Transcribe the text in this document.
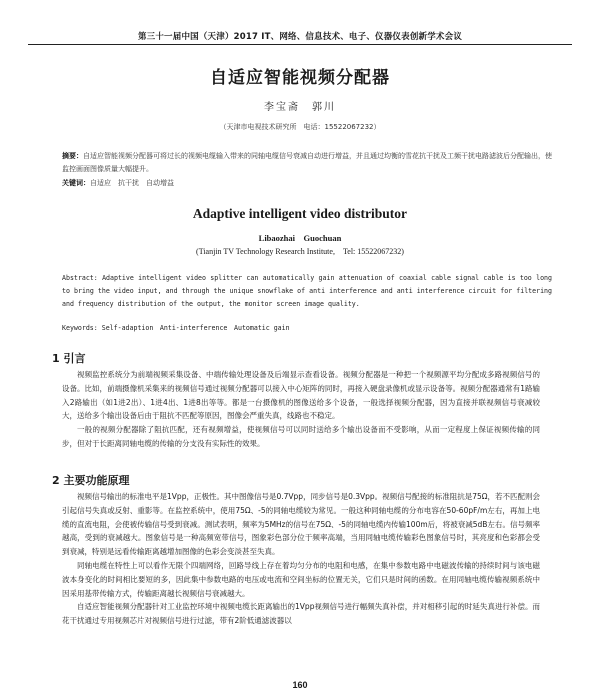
第三十一届中国（天津）2017 IT、网络、信息技术、电子、仪器仪表创新学术会议
自适应智能视频分配器
李宝斋　郭川
（天津市电视技术研究所　电话：15522067232）
摘要：自适应智能视频分配器可将过长的视频电缆输入带来的同轴电缆信号衰减自动进行增益，并且通过均衡的雪花抗干扰及工频干扰电路滤波后分配输出，使监控画面图像质量大幅提升。
关键词：自适应　抗干扰　自动增益
Adaptive intelligent video distributor
Libaozhai　Guochuan
(Tianjin TV Technology Research Institute,　Tel: 15522067232)
Abstract: Adaptive intelligent video splitter can automatically gain attenuation of coaxial cable signal cable is too long to bring the video input, and through the unique snowflake of anti interference and anti interference circuit for filtering and frequency distribution of the output, the monitor screen image quality.
Keywords: Self-adaption　Anti-interference　Automatic gain
1 引言

视频监控系统分为前端视频采集设备、中端传输处理设备及后端显示查看设备。视频分配器是一种把一个视频源平均分配成多路视频信号的设备。比如，前端摄像机采集来的视频信号通过视频分配器可以接入中心矩阵的同时，再接入硬盘录像机或显示设备等。视频分配器通常有1路输入2路输出（如1进2出）、1进4出、1进8出等等。都是一台摄像机的图像送给多个设备，一般选择视频分配器，因为直接并联视频信号衰减较大，送给多个输出设备后由于阻抗不匹配等原因，图像会严重失真，线路也不稳定。

一般的视频分配器除了阻抗匹配，还有视频增益，使视频信号可以同时送给多个输出设备而不受影响，从而一定程度上保证视频传输的同步，但对于长距离同轴电缆的传输的分支没有实际性的效果。

2 主要功能原理

视频信号输出的标准电平是1Vpp，正极性。其中图像信号是0.7Vpp，同步信号是0.3Vpp。视频信号配接的标准阻抗是75Ω，若不匹配则会引起信号失真或反射、重影等。在监控系统中，使用75Ω、-5的同轴电缆较为常见。一般这种同轴电缆的分布电容在50-60pF/m左右，再加上电缆的直流电阻，会使被传输信号受到衰减。测试表明，频率为5MHz的信号在75Ω、-5的同轴电缆内传输100m后，将被衰减5dB左右。信号频率越高，受到的衰减越大。图象信号是一种高频宽带信号，图象彩色部分位于频率高端，当用同轴电缆传输彩色图象信号时，其亮度和色彩都会受到衰减，特别是远看传输距离越增加图像的色彩会变淡甚至失真。

同轴电缆在特性上可以看作无限个四端网络，回路导线上存在着均匀分布的电阻和电感，在集中参数电路中电磁波传输的持续时间与该电磁波本身变化的时间相比要短的多，因此集中参数电路的电压或电流和空间坐标的位置无关，它们只是时间的函数。在用同轴电缆传输视频系统中因采用基带传输方式，传输距离越长视频信号衰减越大。

自适应智能视频分配器针对工业监控环境中视频电缆长距离输出的1Vpp视频信号进行幅频失真补偿，并对相移引起的时延失真进行补偿。而花干扰通过专用视频芯片对视频信号进行过滤，带有2阶低通滤波器以

160
